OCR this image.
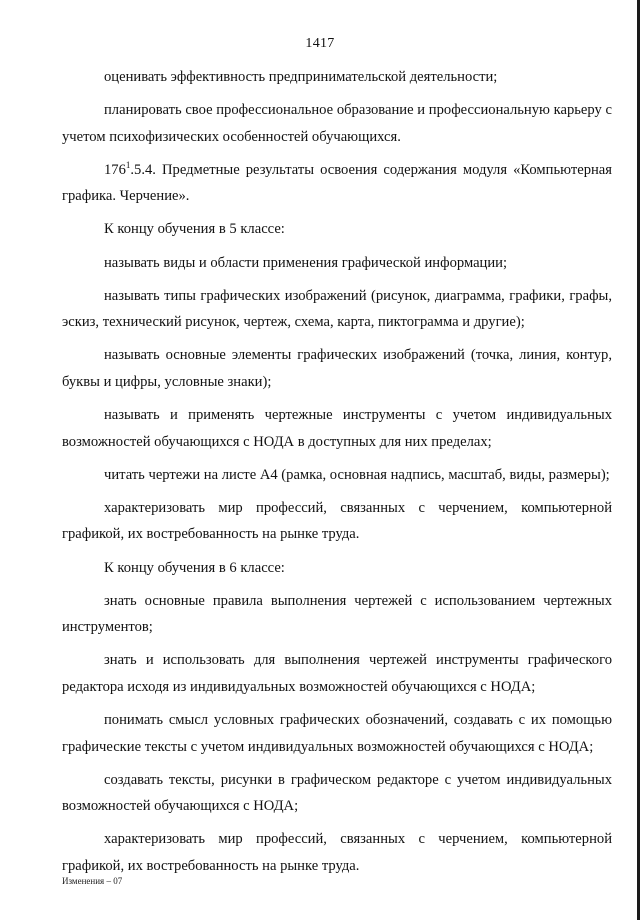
1417

оценивать эффективность предпринимательской деятельности;

планировать свое профессиональное образование и профессиональную карьеру с учетом психофизических особенностей обучающихся.

$176^1.5.4$. Предметные результаты освоения содержания модуля «Компьютерная графика. Черчение».

К концу обучения в 5 классе:

называть виды и области применения графической информации;

называть типы графических изображений (рисунок, диаграмма, графики, графы, эскиз, технический рисунок, чертеж, схема, карта, пиктограмма и другие);

называть основные элементы графических изображений (точка, линия, контур, буквы и цифры, условные знаки);

называть и применять чертежные инструменты с учетом индивидуальных возможностей обучающихся с НОДА в доступных для них пределах;

читать чертежи на листе А4 (рамка, основная надпись, масштаб, виды, размеры);

характеризовать мир профессий, связанных с черчением, компьютерной графикой, их востребованность на рынке труда.

К концу обучения в 6 классе:

знать основные правила выполнения чертежей с использованием чертежных инструментов;

знать и использовать для выполнения чертежей инструменты графического редактора исходя из индивидуальных возможностей обучающихся с НОДА;

понимать смысл условных графических обозначений, создавать с их помощью графические тексты с учетом индивидуальных возможностей обучающихся с НОДА;

создавать тексты, рисунки в графическом редакторе с учетом индивидуальных возможностей обучающихся с НОДА;

характеризовать мир профессий, связанных с черчением, компьютерной графикой, их востребованность на рынке труда.

Изменения – 07
